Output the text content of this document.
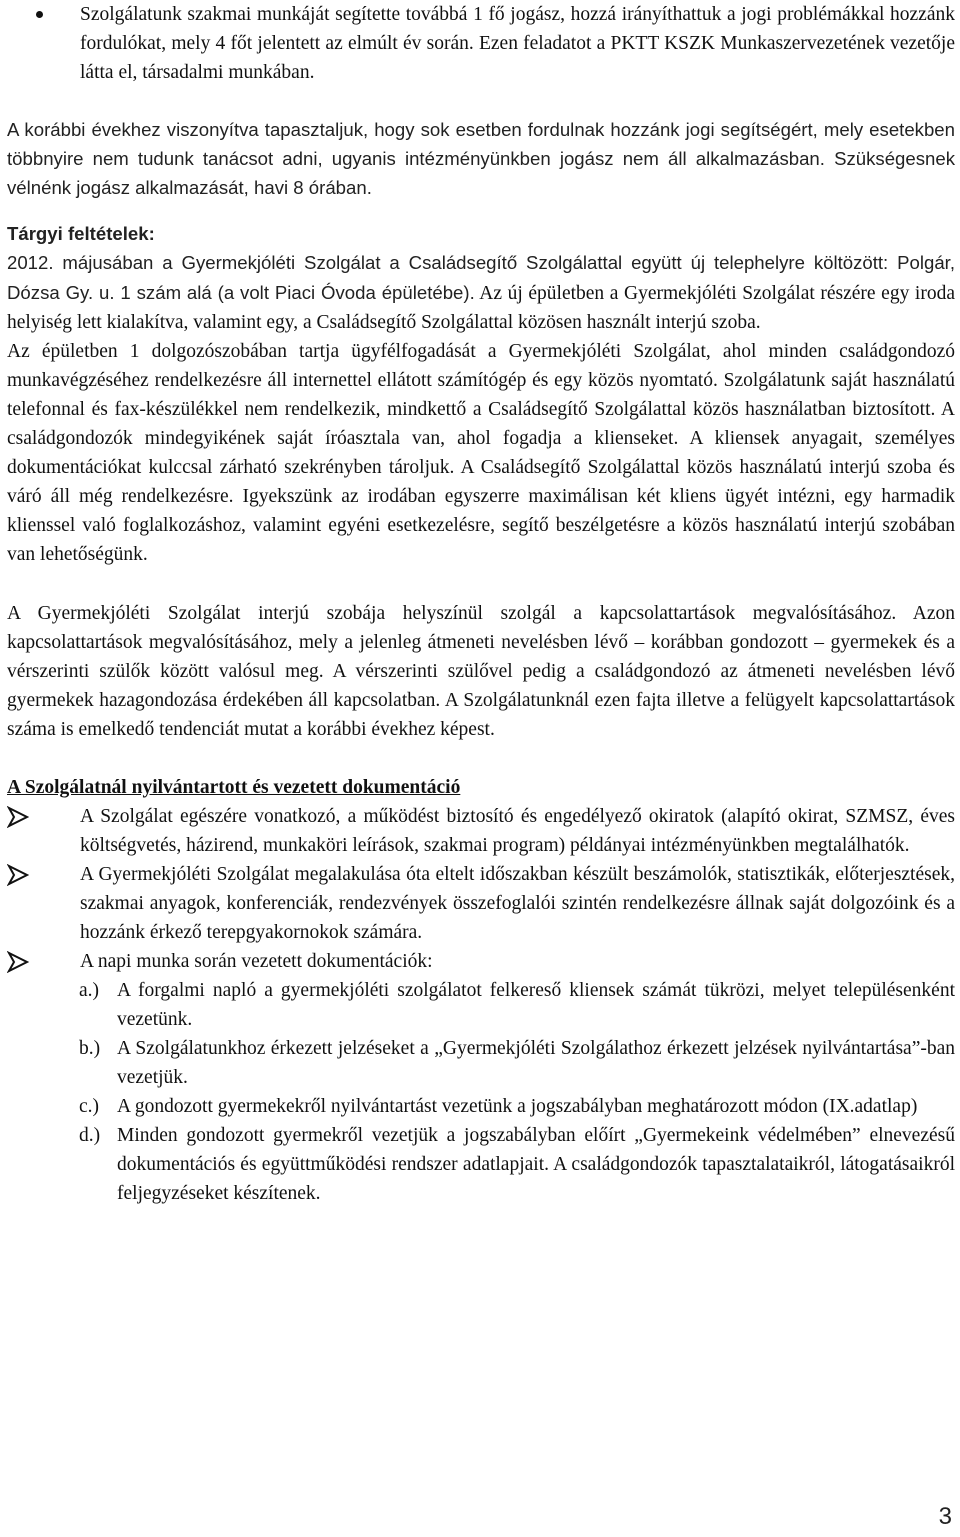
Szolgálatunk szakmai munkáját segítette továbbá 1 fő jogász, hozzá irányíthattuk a jogi problémákkal hozzánk fordulókat, mely 4 főt jelentett az elmúlt év során. Ezen feladatot a PKTT KSZK Munkaszervezetének vezetője látta el, társadalmi munkában.

A korábbi évekhez viszonyítva tapasztaljuk, hogy sok esetben fordulnak hozzánk jogi segítségért, mely esetekben többnyire nem tudunk tanácsot adni, ugyanis intézményünkben jogász nem áll alkalmazásban. Szükségesnek vélnénk jogász alkalmazását, havi 8 órában.

Tárgyi feltételek:

2012. májusában a Gyermekjóléti Szolgálat a Családsegítő Szolgálattal együtt új telephelyre költözött: Polgár, Dózsa Gy. u. 1 szám alá (a volt Piaci Óvoda épületébe). Az új épületben a Gyermekjóléti Szolgálat részére egy iroda helyiség lett kialakítva, valamint egy, a Családsegítő Szolgálattal közösen használt interjú szoba.

Az épületben 1 dolgozószobában tartja ügyfélfogadását a Gyermekjóléti Szolgálat, ahol minden családgondozó munkavégzéséhez rendelkezésre áll internettel ellátott számítógép és egy közös nyomtató. Szolgálatunk saját használatú telefonnal és fax-készülékkel nem rendelkezik, mindkettő a Családsegítő Szolgálattal közös használatban biztosított. A családgondozók mindegyikének saját íróasztala van, ahol fogadja a klienseket. A kliensek anyagait, személyes dokumentációkat kulccsal zárható szekrényben tároljuk. A Családsegítő Szolgálattal közös használatú interjú szoba és váró áll még rendelkezésre. Igyekszünk az irodában egyszerre maximálisan két kliens ügyét intézni, egy harmadik klienssel való foglalkozáshoz, valamint egyéni esetkezelésre, segítő beszélgetésre a közös használatú interjú szobában van lehetőségünk.

A Gyermekjóléti Szolgálat interjú szobája helyszínül szolgál a kapcsolattartások megvalósításához. Azon kapcsolattartások megvalósításához, mely a jelenleg átmeneti nevelésben lévő – korábban gondozott – gyermekek és a vérszerinti szülők között valósul meg. A vérszerinti szülővel pedig a családgondozó az átmeneti nevelésben lévő gyermekek hazagondozása érdekében áll kapcsolatban. A Szolgálatunknál ezen fajta illetve a felügyelt kapcsolattartások száma is emelkedő tendenciát mutat a korábbi évekhez képest.

A Szolgálatnál nyilvántartott és vezetett dokumentáció

A Szolgálat egészére vonatkozó, a működést biztosító és engedélyező okiratok (alapító okirat, SZMSZ, éves költségvetés, házirend, munkaköri leírások, szakmai program) példányai intézményünkben megtalálhatók.

A Gyermekjóléti Szolgálat megalakulása óta eltelt időszakban készült beszámolók, statisztikák, előterjesztések, szakmai anyagok, konferenciák, rendezvények összefoglalói szintén rendelkezésre állnak saját dolgozóink és a hozzánk érkező terepgyakornokok számára.

A napi munka során vezetett dokumentációk:

a.) A forgalmi napló a gyermekjóléti szolgálatot felkereső kliensek számát tükrözi, melyet településenként vezetünk.

b.) A Szolgálatunkhoz érkezett jelzéseket a „Gyermekjóléti Szolgálathoz érkezett jelzések nyilvántartása”-ban vezetjük.

c.) A gondozott gyermekekről nyilvántartást vezetünk a jogszabályban meghatározott módon (IX.adatlap)

d.) Minden gondozott gyermekről vezetjük a jogszabályban előírt „Gyermekeink védelmében” elnevezésű dokumentációs és együttműködési rendszer adatlapjait. A családgondozók tapasztalataikról, látogatásaikról feljegyzéseket készítenek.

3
